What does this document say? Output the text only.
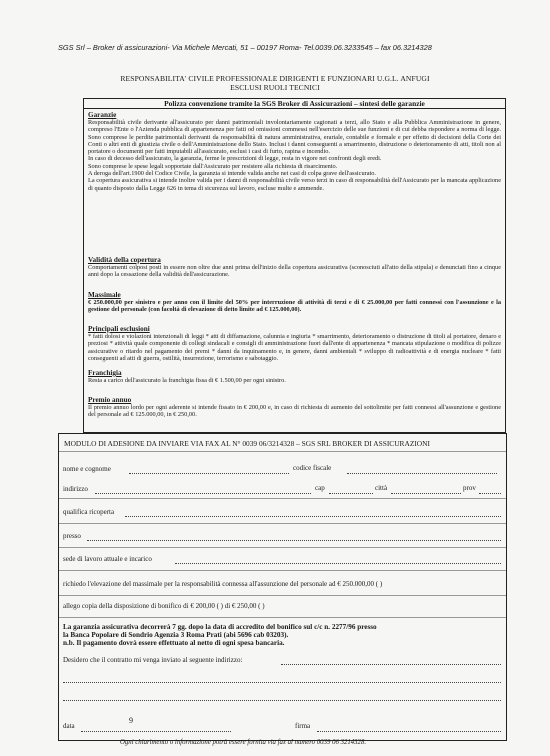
SGS Srl – Broker di assicurazioni- Via Michele Mercati, 51 – 00197 Roma- Tel.0039.06.3233545 – fax 06.3214328
RESPONSABILITA' CIVILE PROFESSIONALE DIRIGENTI E FUNZIONARI U.G.L. ANFUGI
ESCLUSI RUOLI TECNICI
Polizza convenzione tramite la SGS Broker di Assicurazioni – sintesi delle garanzie
Garanzie

Responsabilità civile derivante all'assicurato per danni patrimoniali involontariamente cagionati a terzi, allo Stato e alla Pubblica Amministrazione in genere, compreso l'Ente o l'Azienda pubblica di appartenenza per fatti od omissioni commessi nell'esercizio delle sue funzioni e di cui debba rispondere a norma di legge. Sono comprese le perdite patrimoniali derivanti da responsabilità di natura amministrativa, erariale, contabile e formale e per effetto di decisioni della Corte dei Conti o altri enti di giustizia civile o dell'Amministrazione dello Stato. Inclusi i danni conseguenti a smarrimento, distruzione o deterioramento di atti, titoli non al portatore o documenti per fatti imputabili all'assicurato, esclusi i casi di furto, rapina e incendio.

In caso di decesso dell'assicurato, la garanzia, ferme le prescrizioni di legge, resta in vigore nei confronti degli eredi.

Sono comprese le spese legali sopportate dall'Assicurato per resistere alla richiesta di risarcimento.

A deroga dell'art.1900 del Codice Civile, la garanzia si intende valida anche nei casi di colpa grave dell'assicurato.

La copertura assicurativa si intende inoltre valida per i danni di responsabilità civile verso terzi in caso di responsabilità dell'Assicurato per la mancata applicazione di quanto disposto dalla Legge 626 in tema di sicurezza sul lavoro, escluse multe e ammende.

Validità della copertura

Comportamenti colposi posti in essere non oltre due anni prima dell'inizio della copertura assicurativa (sconosciuti all'atto della stipula) e denunciati fino a cinque anni dopo la cessazione della validità dell'assicurazione.

Massimale

€ 250.000,00 per sinistro e per anno con il limite del 50% per interruzione di attività di terzi e di € 25.000,00 per fatti connessi con l'assunzione e la gestione del personale (con facoltà di elevazione di detto limite ad € 125.000,00).

Principali esclusioni

* fatti dolosi e violazioni intenzionali di leggi * atti di diffamazione, calunnia e ingiuria * smarrimento, deterioramento o distruzione di titoli al portatore, denaro e preziosi * attività quale componente di collegi sindacali e consigli di amministrazione fuori dall'ente di appartenenza * mancata stipulazione o modifica di polizze assicurative o ritardo nel pagamento dei premi * danni da inquinamento e, in genere, danni ambientali * sviluppo di radioattività e di energia nucleare * fatti conseguenti ad atti di guerra, ostilità, insurrezione, terrorismo e sabotaggio.

Franchigia

Resta a carico dell'assicurato la franchigia fissa di € 1.500,00 per ogni sinistro.

Premio annuo

Il premio annuo lordo per ogni aderente si intende fissato in € 200,00 e, in caso di richiesta di aumento del sottolimite per fatti connessi all'assunzione e gestione del personale ad € 125.000,00, in € 250,00.

MODULO DI ADESIONE DA INVIARE VIA FAX AL N° 0039 06/3214328 – SGS SRL BROKER DI ASSICURAZIONI
nome e cognome	codice fiscale
indirizzo	cap	città	prov
qualifica ricoperta
presso
sede di lavoro attuale e incarico
richiedo l'elevazione del massimale per la responsabilità connessa all'assunzione del personale ad € 250.000,00 ( )
allego copia della disposizione di bonifico di € 200,00 ( ) di € 250,00 ( )
La garanzia assicurativa decorrerà 7 gg. dopo la data di accredito del bonifico sul c/c n. 2277/96 presso
la Banca Popolare di Sondrio Agenzia 3 Roma Prati (abi 5696 cab 03203).
n.b. Il pagamento dovrà essere effettuato al netto di ogni spesa bancaria.
Desidero che il contratto mi venga inviato al seguente indirizzo:
data
9
firma
Ogni chiarimento o informazione potrà essere fornita via fax al numero 0039 06 3214328.
